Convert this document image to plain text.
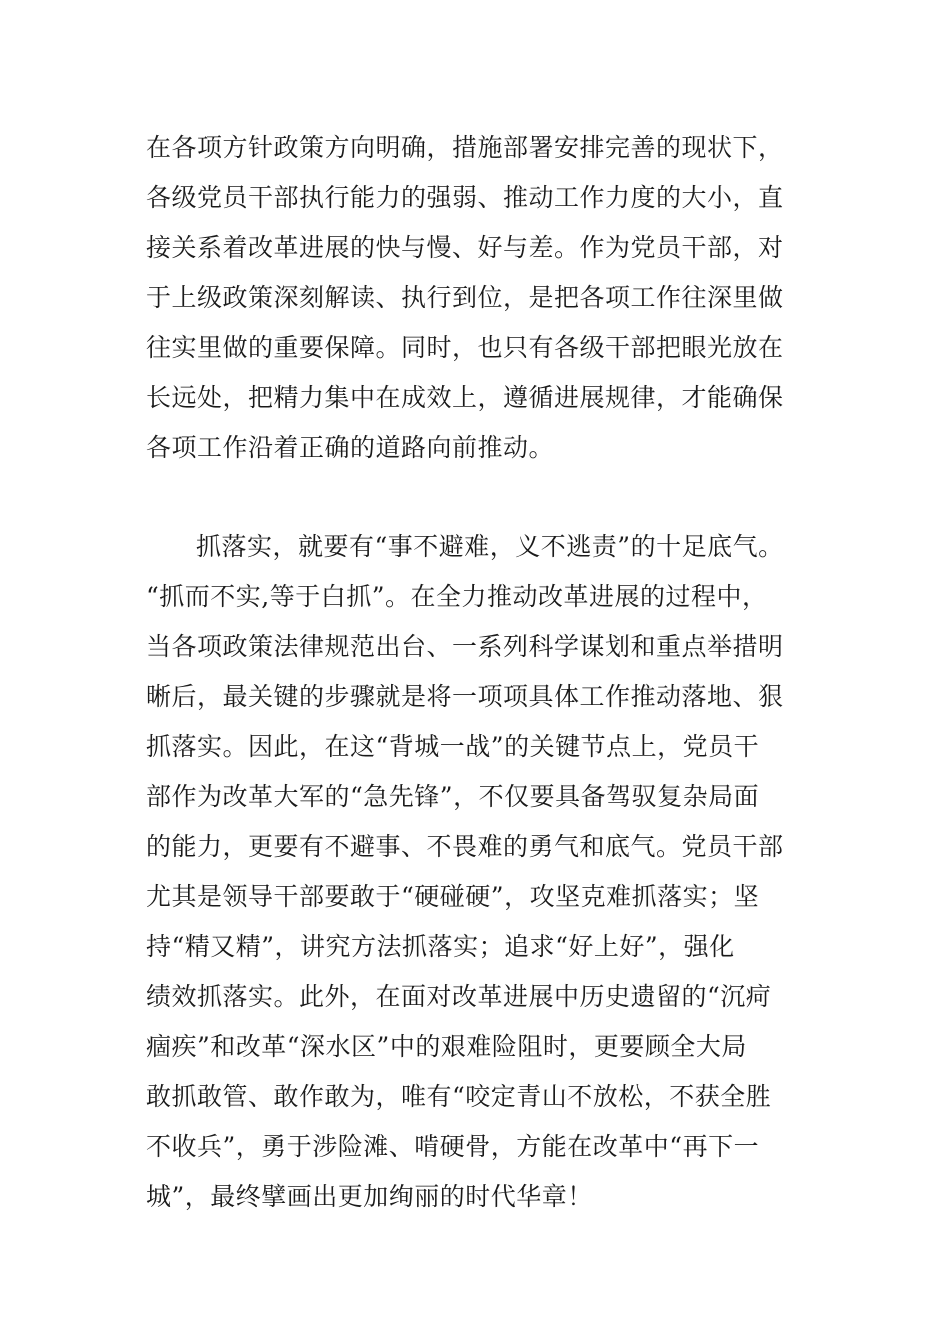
在各项方针政策方向明确，措施部署安排完善的现状下，

各级党员干部执行能力的强弱、推动工作力度的大小，直

接关系着改革进展的快与慢、好与差。作为党员干部，对

于上级政策深刻解读、执行到位，是把各项工作往深里做

往实里做的重要保障。同时，也只有各级干部把眼光放在

长远处，把精力集中在成效上，遵循进展规律，才能确保

各项工作沿着正确的道路向前推动。

抓落实，就要有“事不避难，义不逃责”的十足底气。

“抓而不实,等于白抓”。在全力推动改革进展的过程中，

当各项政策法律规范出台、一系列科学谋划和重点举措明

晰后，最关键的步骤就是将一项项具体工作推动落地、狠

抓落实。因此，在这“背城一战”的关键节点上，党员干

部作为改革大军的“急先锋”，不仅要具备驾驭复杂局面

的能力，更要有不避事、不畏难的勇气和底气。党员干部

尤其是领导干部要敢于“硬碰硬”，攻坚克难抓落实；坚

持“精又精”，讲究方法抓落实；追求“好上好”，强化

绩效抓落实。此外，在面对改革进展中历史遗留的“沉疴

痼疾”和改革“深水区”中的艰难险阻时，更要顾全大局

敢抓敢管、敢作敢为，唯有“咬定青山不放松，不获全胜

不收兵”，勇于涉险滩、啃硬骨，方能在改革中“再下一

城”，最终擘画出更加绚丽的时代华章！
